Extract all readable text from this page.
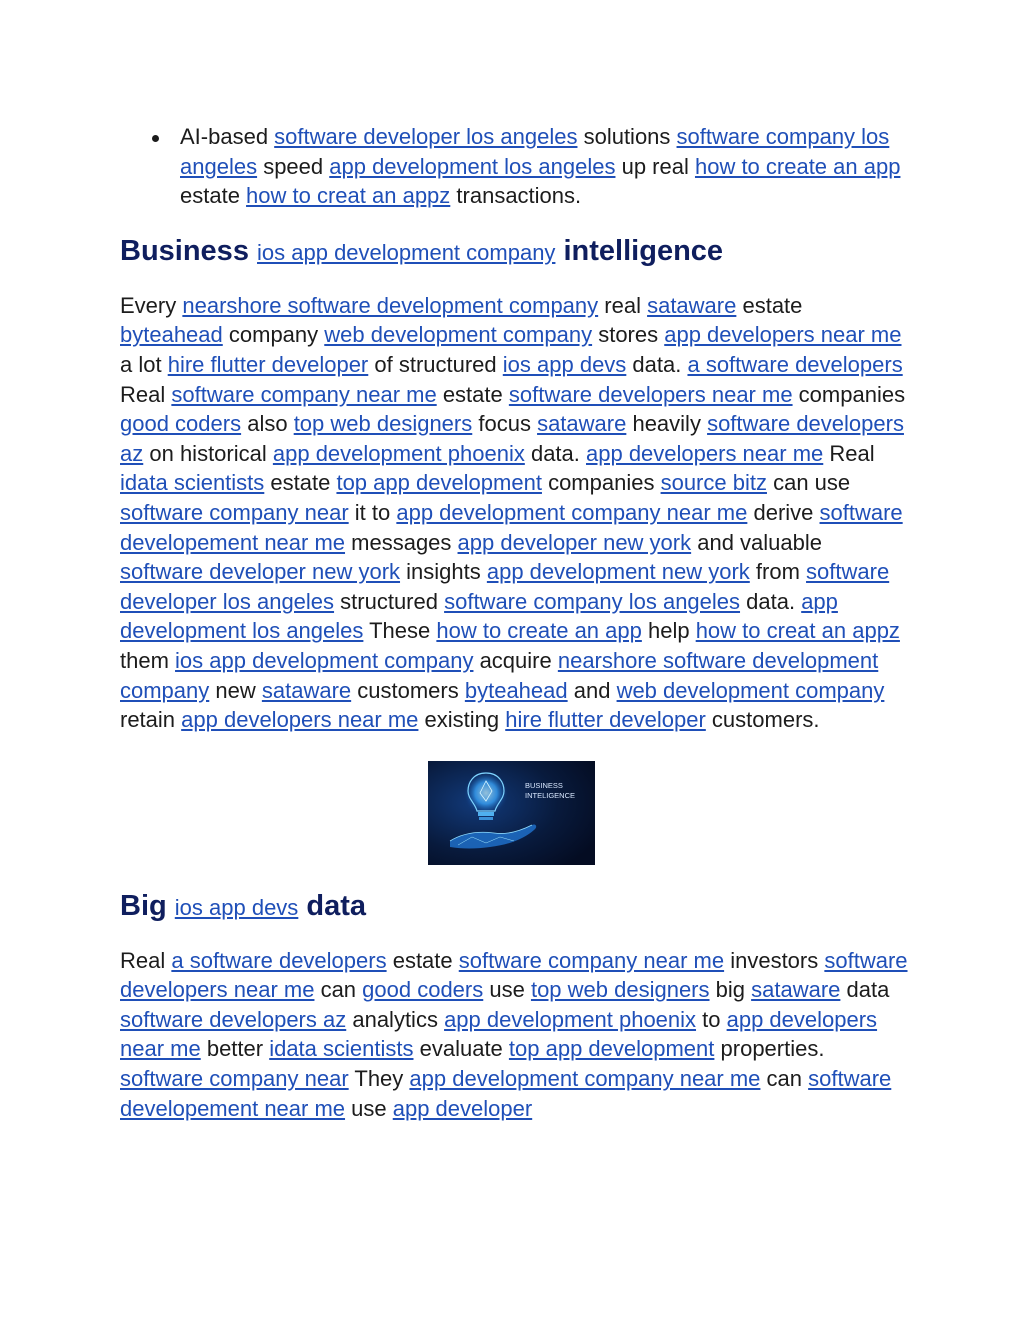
AI-based software developer los angeles solutions software company los angeles speed app development los angeles up real how to create an app estate how to creat an appz transactions.
Business ios app development company intelligence

Every nearshore software development company real sataware estate byteahead company web development company stores app developers near me a lot hire flutter developer of structured ios app devs data. a software developers Real software company near me estate software developers near me companies good coders also top web designers focus sataware heavily software developers az on historical app development phoenix data. app developers near me Real idata scientists estate top app development companies source bitz can use software company near it to app development company near me derive software developement near me messages app developer new york and valuable software developer new york insights app development new york from software developer los angeles structured software company los angeles data. app development los angeles These how to create an app help how to creat an appz them ios app development company acquire nearshore software development company new sataware customers byteahead and web development company retain app developers near me existing hire flutter developer customers.

BUSINESS
INTELIGENCE
Big ios app devs data

Real a software developers estate software company near me investors software developers near me can good coders use top web designers big sataware data software developers az analytics app development phoenix to app developers near me better idata scientists evaluate top app development properties. software company near They app development company near me can software developement near me use app developer
